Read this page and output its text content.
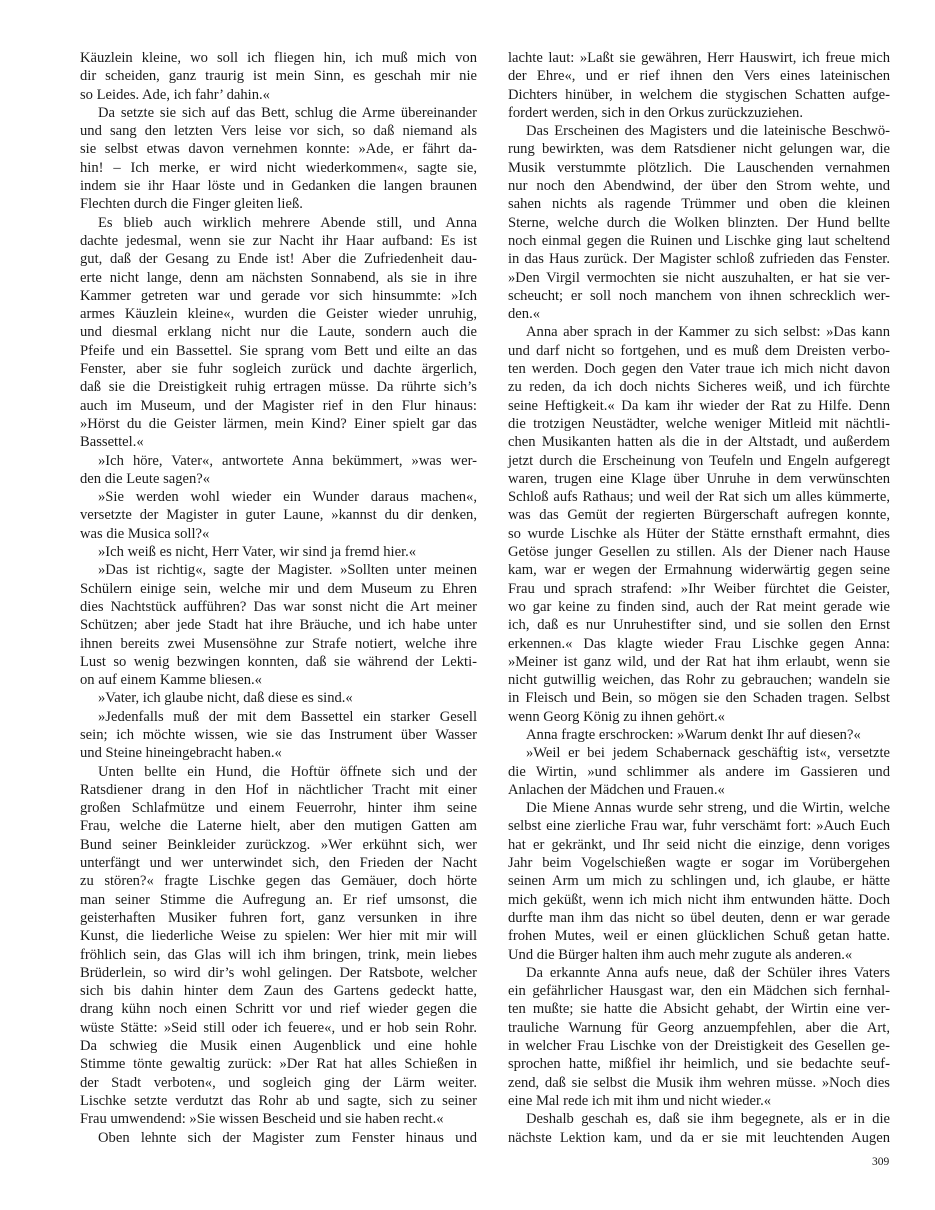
Käuzlein kleine, wo soll ich fliegen hin, ich muß mich von
dir scheiden, ganz traurig ist mein Sinn, es geschah mir nie
so Leides. Ade, ich fahr’ dahin.«
Da setzte sie sich auf das Bett, schlug die Arme übereinander
und sang den letzten Vers leise vor sich, so daß niemand als
sie selbst etwas davon vernehmen konnte: »Ade, er fährt da-
hin! – Ich merke, er wird nicht wiederkommen«, sagte sie,
indem sie ihr Haar löste und in Gedanken die langen braunen
Flechten durch die Finger gleiten ließ.
Es blieb auch wirklich mehrere Abende still, und Anna
dachte jedesmal, wenn sie zur Nacht ihr Haar aufband: Es ist
gut, daß der Gesang zu Ende ist! Aber die Zufriedenheit dau-
erte nicht lange, denn am nächsten Sonnabend, als sie in ihre
Kammer getreten war und gerade vor sich hinsummte: »Ich
armes Käuzlein kleine«, wurden die Geister wieder unruhig,
und diesmal erklang nicht nur die Laute, sondern auch die
Pfeife und ein Bassettel. Sie sprang vom Bett und eilte an das
Fenster, aber sie fuhr sogleich zurück und dachte ärgerlich,
daß sie die Dreistigkeit ruhig ertragen müsse. Da rührte sich’s
auch im Museum, und der Magister rief in den Flur hinaus:
»Hörst du die Geister lärmen, mein Kind? Einer spielt gar das
Bassettel.«
»Ich höre, Vater«, antwortete Anna bekümmert, »was wer-
den die Leute sagen?«
»Sie werden wohl wieder ein Wunder daraus machen«,
versetzte der Magister in guter Laune, »kannst du dir denken,
was die Musica soll?«
»Ich weiß es nicht, Herr Vater, wir sind ja fremd hier.«
»Das ist richtig«, sagte der Magister. »Sollten unter meinen
Schülern einige sein, welche mir und dem Museum zu Ehren
dies Nachtstück aufführen? Das war sonst nicht die Art meiner
Schützen; aber jede Stadt hat ihre Bräuche, und ich habe unter
ihnen bereits zwei Musensöhne zur Strafe notiert, welche ihre
Lust so wenig bezwingen konnten, daß sie während der Lekti-
on auf einem Kamme bliesen.«
»Vater, ich glaube nicht, daß diese es sind.«
»Jedenfalls muß der mit dem Bassettel ein starker Gesell
sein; ich möchte wissen, wie sie das Instrument über Wasser
und Steine hineingebracht haben.«
Unten bellte ein Hund, die Hoftür öffnete sich und der
Ratsdiener drang in den Hof in nächtlicher Tracht mit einer
großen Schlafmütze und einem Feuerrohr, hinter ihm seine
Frau, welche die Laterne hielt, aber den mutigen Gatten am
Bund seiner Beinkleider zurückzog. »Wer erkühnt sich, wer
unterfängt und wer unterwindet sich, den Frieden der Nacht
zu stören?« fragte Lischke gegen das Gemäuer, doch hörte
man seiner Stimme die Aufregung an. Er rief umsonst, die
geisterhaften Musiker fuhren fort, ganz versunken in ihre
Kunst, die liederliche Weise zu spielen: Wer hier mit mir will
fröhlich sein, das Glas will ich ihm bringen, trink, mein liebes
Brüderlein, so wird dir’s wohl gelingen. Der Ratsbote, welcher
sich bis dahin hinter dem Zaun des Gartens gedeckt hatte,
drang kühn noch einen Schritt vor und rief wieder gegen die
wüste Stätte: »Seid still oder ich feuere«, und er hob sein Rohr.
Da schwieg die Musik einen Augenblick und eine hohle
Stimme tönte gewaltig zurück: »Der Rat hat alles Schießen in
der Stadt verboten«, und sogleich ging der Lärm weiter.
Lischke setzte verdutzt das Rohr ab und sagte, sich zu seiner
Frau umwendend: »Sie wissen Bescheid und sie haben recht.«
Oben lehnte sich der Magister zum Fenster hinaus und
lachte laut: »Laßt sie gewähren, Herr Hauswirt, ich freue mich
der Ehre«, und er rief ihnen den Vers eines lateinischen
Dichters hinüber, in welchem die stygischen Schatten aufge-
fordert werden, sich in den Orkus zurückzuziehen.
Das Erscheinen des Magisters und die lateinische Beschwö-
rung bewirkten, was dem Ratsdiener nicht gelungen war, die
Musik verstummte plötzlich. Die Lauschenden vernahmen
nur noch den Abendwind, der über den Strom wehte, und
sahen nichts als ragende Trümmer und oben die kleinen
Sterne, welche durch die Wolken blinzten. Der Hund bellte
noch einmal gegen die Ruinen und Lischke ging laut scheltend
in das Haus zurück. Der Magister schloß zufrieden das Fenster.
»Den Virgil vermochten sie nicht auszuhalten, er hat sie ver-
scheucht; er soll noch manchem von ihnen schrecklich wer-
den.«
Anna aber sprach in der Kammer zu sich selbst: »Das kann
und darf nicht so fortgehen, und es muß dem Dreisten verbo-
ten werden. Doch gegen den Vater traue ich mich nicht davon
zu reden, da ich doch nichts Sicheres weiß, und ich fürchte
seine Heftigkeit.« Da kam ihr wieder der Rat zu Hilfe. Denn
die trotzigen Neustädter, welche weniger Mitleid mit nächtli-
chen Musikanten hatten als die in der Altstadt, und außerdem
jetzt durch die Erscheinung von Teufeln und Engeln aufgeregt
waren, trugen eine Klage über Unruhe in dem verwünschten
Schloß aufs Rathaus; und weil der Rat sich um alles kümmerte,
was das Gemüt der regierten Bürgerschaft aufregen konnte,
so wurde Lischke als Hüter der Stätte ernsthaft ermahnt, dies
Getöse junger Gesellen zu stillen. Als der Diener nach Hause
kam, war er wegen der Ermahnung widerwärtig gegen seine
Frau und sprach strafend: »Ihr Weiber fürchtet die Geister,
wo gar keine zu finden sind, auch der Rat meint gerade wie
ich, daß es nur Unruhestifter sind, und sie sollen den Ernst
erkennen.« Das klagte wieder Frau Lischke gegen Anna:
»Meiner ist ganz wild, und der Rat hat ihm erlaubt, wenn sie
nicht gutwillig weichen, das Rohr zu gebrauchen; wandeln sie
in Fleisch und Bein, so mögen sie den Schaden tragen. Selbst
wenn Georg König zu ihnen gehört.«
Anna fragte erschrocken: »Warum denkt Ihr auf diesen?«
»Weil er bei jedem Schabernack geschäftig ist«, versetzte
die Wirtin, »und schlimmer als andere im Gassieren und
Anlachen der Mädchen und Frauen.«
Die Miene Annas wurde sehr streng, und die Wirtin, welche
selbst eine zierliche Frau war, fuhr verschämt fort: »Auch Euch
hat er gekränkt, und Ihr seid nicht die einzige, denn voriges
Jahr beim Vogelschießen wagte er sogar im Vorübergehen
seinen Arm um mich zu schlingen und, ich glaube, er hätte
mich geküßt, wenn ich mich nicht ihm entwunden hätte. Doch
durfte man ihm das nicht so übel deuten, denn er war gerade
frohen Mutes, weil er einen glücklichen Schuß getan hatte.
Und die Bürger halten ihm auch mehr zugute als anderen.«
Da erkannte Anna aufs neue, daß der Schüler ihres Vaters
ein gefährlicher Hausgast war, den ein Mädchen sich fernhal-
ten mußte; sie hatte die Absicht gehabt, der Wirtin eine ver-
trauliche Warnung für Georg anzuempfehlen, aber die Art,
in welcher Frau Lischke von der Dreistigkeit des Gesellen ge-
sprochen hatte, mißfiel ihr heimlich, und sie bedachte seuf-
zend, daß sie selbst die Musik ihm wehren müsse. »Noch dies
eine Mal rede ich mit ihm und nicht wieder.«
Deshalb geschah es, daß sie ihm begegnete, als er in die
nächste Lektion kam, und da er sie mit leuchtenden Augen
309
